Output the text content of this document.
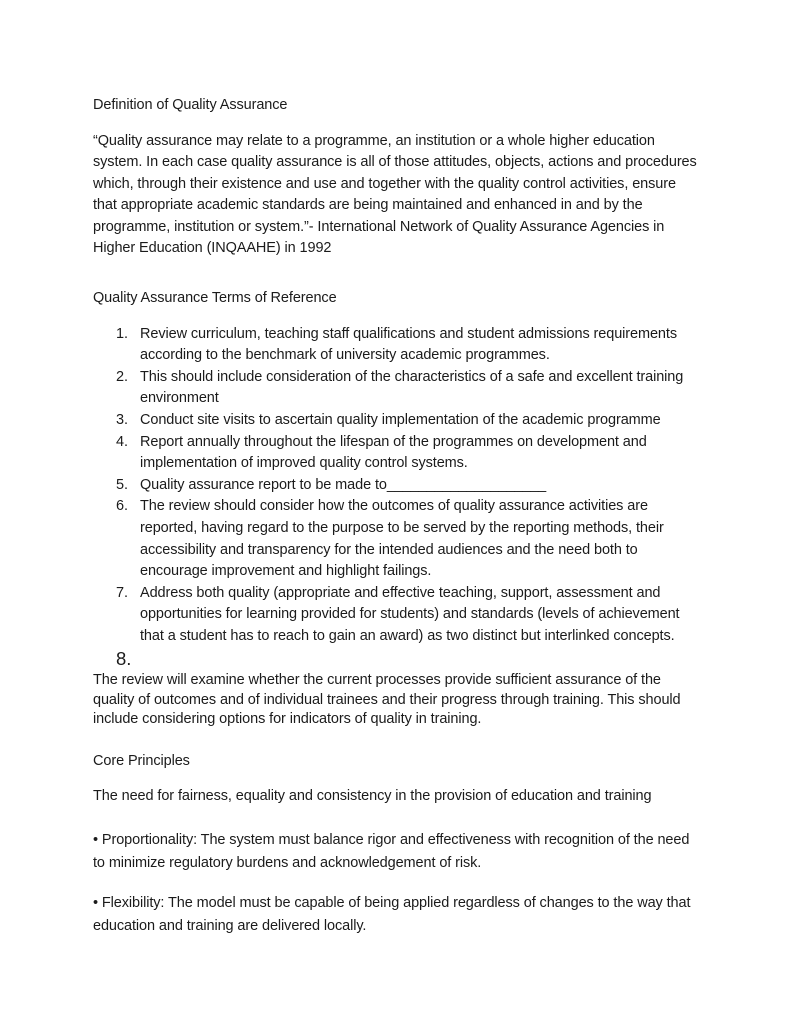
Definition of Quality Assurance

“Quality assurance may relate to a programme, an institution or a whole higher education system. In each case quality assurance is all of those attitudes, objects, actions and procedures which, through their existence and use and together with the quality control activities, ensure that appropriate academic standards are being maintained and enhanced in and by the programme, institution or system.”- International Network of Quality Assurance Agencies in Higher Education (INQAAHE) in 1992

Quality Assurance Terms of Reference
1. Review curriculum, teaching staff qualifications and student admissions requirements according to the benchmark of university academic programmes.
2. This should include consideration of the characteristics of a safe and excellent training environment
3. Conduct site visits to ascertain quality implementation of the academic programme
4. Report annually throughout the lifespan of the programmes on development and implementation of improved quality control systems.
5. Quality assurance report to be made to____________________
6. The review should consider how the outcomes of quality assurance activities are reported, having regard to the purpose to be served by the reporting methods, their accessibility and transparency for the intended audiences and the need both to encourage improvement and highlight failings.
7. Address both quality (appropriate and effective teaching, support, assessment and opportunities for learning provided for students) and standards (levels of achievement that a student has to reach to gain an award) as two distinct but interlinked concepts.
8.

The review will examine whether the current processes provide sufficient assurance of the quality of outcomes and of individual trainees and their progress through training. This should include considering options for indicators of quality in training.

Core Principles

The need for fairness, equality and consistency in the provision of education and training

• Proportionality: The system must balance rigor and effectiveness with recognition of the need to minimize regulatory burdens and acknowledgement of risk.

• Flexibility: The model must be capable of being applied regardless of changes to the way that education and training are delivered locally.
